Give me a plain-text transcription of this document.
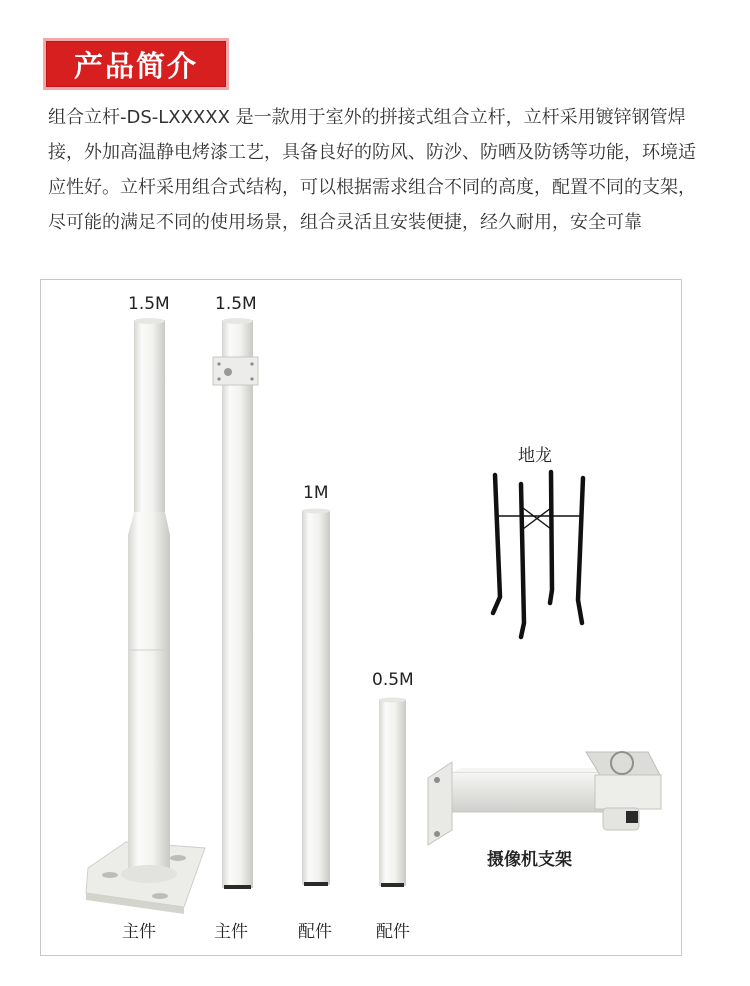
产品简介

组合立杆-DS-LXXXXX 是一款用于室外的拼接式组合立杆，立杆采用镀锌钢管焊接，外加高温静电烤漆工艺，具备良好的防风、防沙、防晒及防锈等功能，环境适应性好。立杆采用组合式结构，可以根据需求组合不同的高度，配置不同的支架，尽可能的满足不同的使用场景，组合灵活且安装便捷，经久耐用，安全可靠

1.5M	1.5M
1M
0.5M
地龙
摄像机支架
主件	主件	配件	配件
